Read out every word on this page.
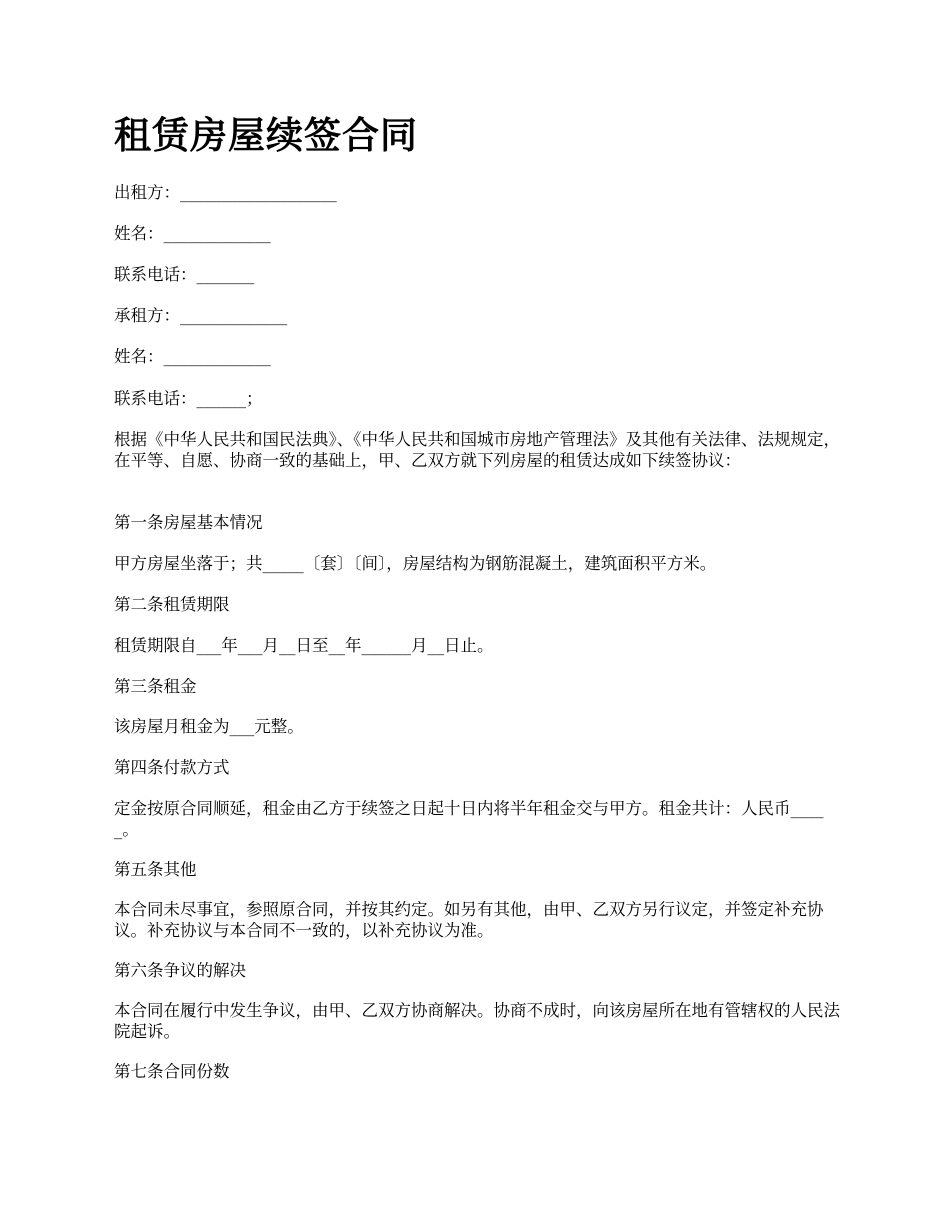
租赁房屋续签合同

出租方：___________________

姓名：_____________

联系电话：_______

承租方：_____________

姓名：_____________

联系电话：______；

根据《中华人民共和国民法典》、《中华人民共和国城市房地产管理法》及其他有关法律、法规规定，在平等、自愿、协商一致的基础上，甲、乙双方就下列房屋的租赁达成如下续签协议：

第一条房屋基本情况

甲方房屋坐落于；共_____〔套〕〔间〕，房屋结构为钢筋混凝土，建筑面积平方米。

第二条租赁期限

租赁期限自___年___月__日至__年______月__日止。

第三条租金

该房屋月租金为___元整。

第四条付款方式

定金按原合同顺延，租金由乙方于续签之日起十日内将半年租金交与甲方。租金共计：人民币_____。

第五条其他

本合同未尽事宜，参照原合同，并按其约定。如另有其他，由甲、乙双方另行议定，并签定补充协议。补充协议与本合同不一致的，以补充协议为准。

第六条争议的解决

本合同在履行中发生争议，由甲、乙双方协商解决。协商不成时，向该房屋所在地有管辖权的人民法院起诉。

第七条合同份数
